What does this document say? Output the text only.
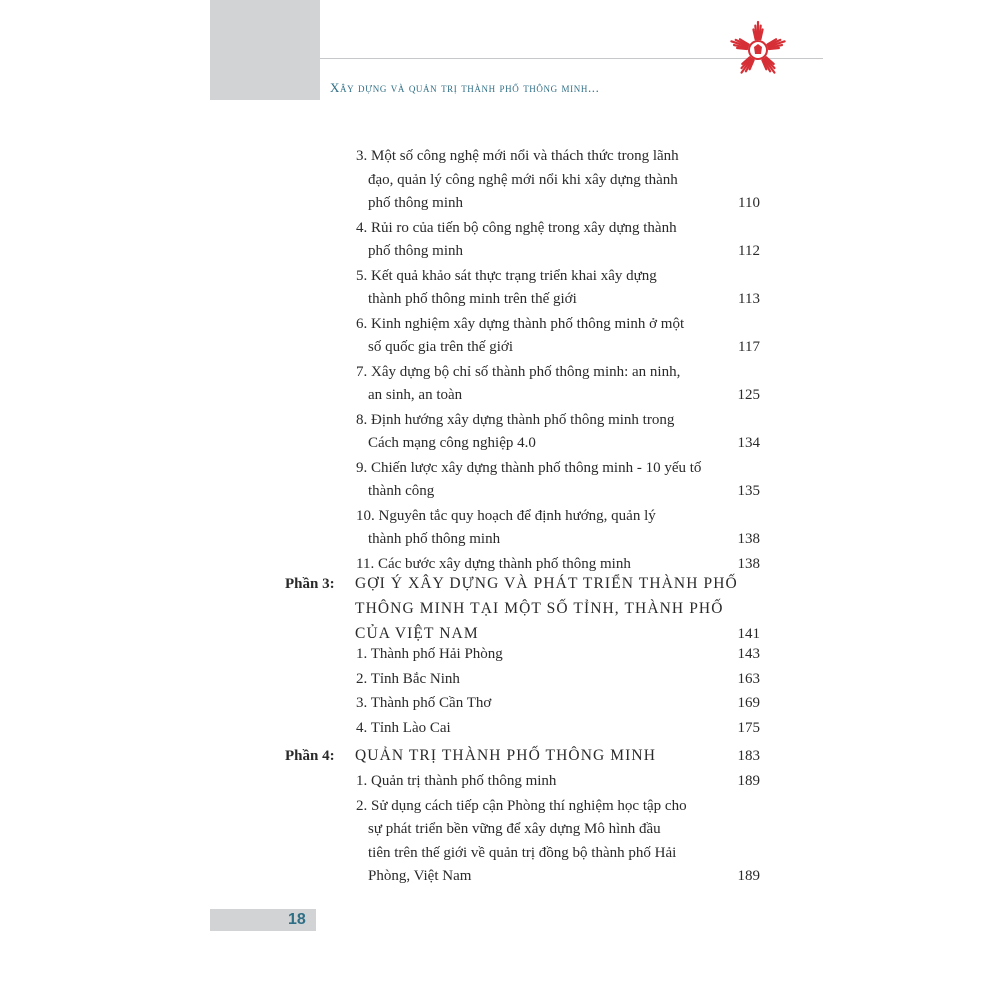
Xây dựng và quản trị thành phố thông minh...
3. Một số công nghệ mới nổi và thách thức trong lãnh
đạo, quản lý công nghệ mới nổi khi xây dựng thành
phố thông minh	110
4. Rủi ro của tiến bộ công nghệ trong xây dựng thành
phố thông minh	112
5. Kết quả khảo sát thực trạng triển khai xây dựng
thành phố thông minh trên thế giới	113
6. Kinh nghiệm xây dựng thành phố thông minh ở một
số quốc gia trên thế giới	117
7. Xây dựng bộ chỉ số thành phố thông minh: an ninh,
an sinh, an toàn	125
8. Định hướng xây dựng thành phố thông minh trong
Cách mạng công nghiệp 4.0	134
9. Chiến lược xây dựng thành phố thông minh - 10 yếu tố
thành công	135
10. Nguyên tắc quy hoạch để định hướng, quản lý
thành phố thông minh	138
11. Các bước xây dựng thành phố thông minh	138
Phần 3: GỢI Ý XÂY DỰNG VÀ PHÁT TRIỂN THÀNH PHỐ
THÔNG MINH TẠI MỘT SỐ TỈNH, THÀNH PHỐ
CỦA VIỆT NAM	141
1. Thành phố Hải Phòng	143
2. Tỉnh Bắc Ninh	163
3. Thành phố Cần Thơ	169
4. Tỉnh Lào Cai	175
Phần 4: QUẢN TRỊ THÀNH PHỐ THÔNG MINH	183
1. Quản trị thành phố thông minh	189
2. Sử dụng cách tiếp cận Phòng thí nghiệm học tập cho
sự phát triển bền vững để xây dựng Mô hình đầu
tiên trên thế giới về quản trị đồng bộ thành phố Hải
Phòng, Việt Nam	189
18
